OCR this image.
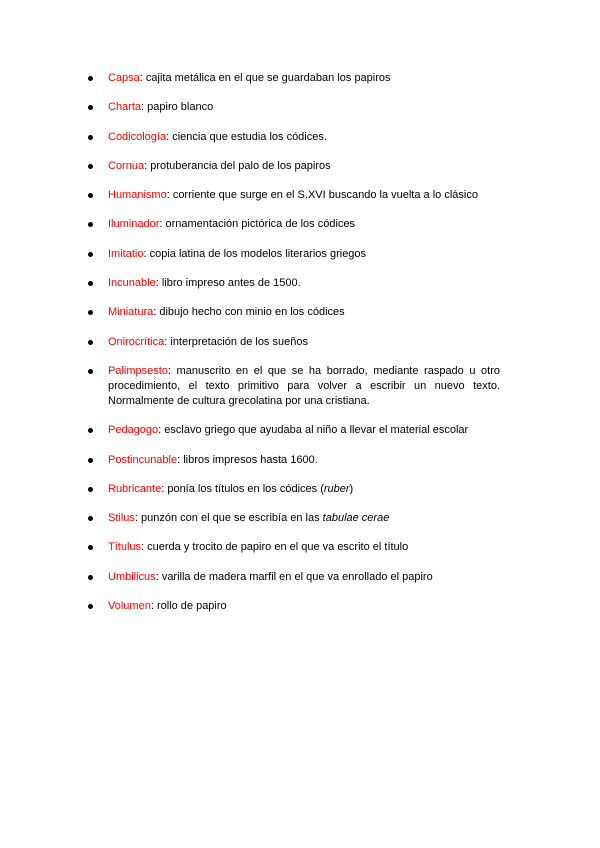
Capsa: cajita metálica en el que se guardaban los papiros
Charta: papiro blanco
Codicología: ciencia que estudia los códices.
Cornua: protuberancia del palo de los papiros
Humanismo: corriente que surge en el S.XVI buscando la vuelta a lo clásico
Iluminador: ornamentación pictórica de los códices
Imitatio: copia latina de los modelos literarios griegos
Incunable: libro impreso antes de 1500.
Miniatura: dibujo hecho con minio en los códices
Onirocrítica: interpretación de los sueños
Palimpsesto: manuscrito en el que se ha borrado, mediante raspado u otro procedimiento, el texto primitivo para volver a escribir un nuevo texto. Normalmente de cultura grecolatina por una cristiana.
Pedagogo: esclavo griego que ayudaba al niño a llevar el material escolar
Postincunable: libros impresos hasta 1600.
Rubricante: ponía los títulos en los códices (ruber)
Stilus: punzón con el que se escribía en las tabulae cerae
Títulus: cuerda y trocito de papiro en el que va escrito el título
Umbilicus: varilla de madera marfil en el que va enrollado el papiro
Volumen: rollo de papiro
